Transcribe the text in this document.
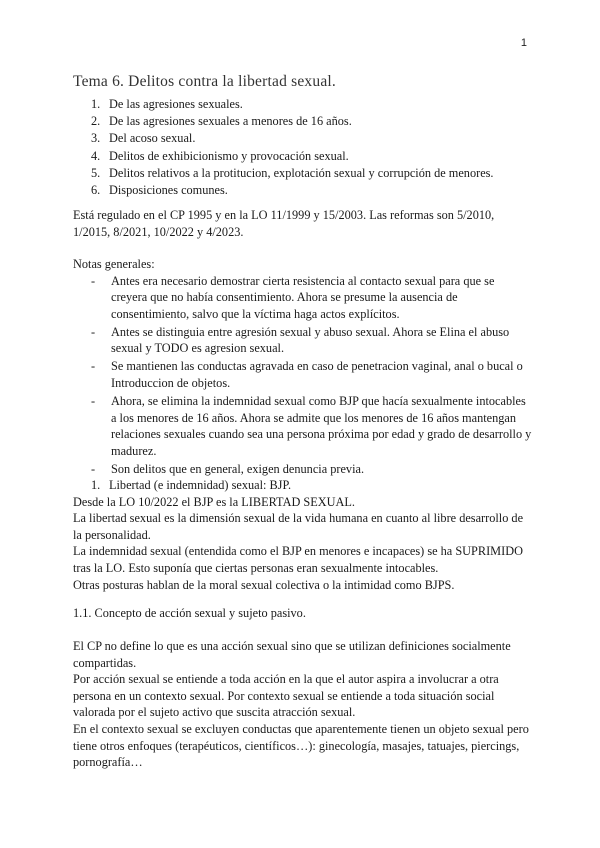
1
Tema 6. Delitos contra la libertad sexual.
1. De las agresiones sexuales.
2. De las agresiones sexuales a menores de 16 años.
3. Del acoso sexual.
4. Delitos de exhibicionismo y provocación sexual.
5. Delitos relativos a la protitucion, explotación sexual y corrupción de menores.
6. Disposiciones comunes.

Está regulado en el CP 1995 y en la LO 11/1999 y 15/2003. Las reformas son 5/2010, 1/2015, 8/2021, 10/2022 y 4/2023.

Notas generales:

-	Antes era necesario demostrar cierta resistencia al contacto sexual para que se creyera que no había consentimiento. Ahora se presume la ausencia de consentimiento, salvo que la víctima haga actos explícitos.
-	Antes se distinguia entre agresión sexual y abuso sexual. Ahora se Elina el abuso sexual y TODO es agresion sexual.
-	Se mantienen las conductas agravada en caso de penetracion vaginal, anal o bucal o Introduccion de objetos.
-	Ahora, se elimina la indemnidad sexual como BJP que hacía sexualmente intocables a los menores de 16 años. Ahora se admite que los menores de 16 años mantengan relaciones sexuales cuando sea una persona próxima por edad y grado de desarrollo y madurez.
-	Son delitos que en general, exigen denuncia previa.
1. Libertad (e indemnidad) sexual: BJP.

Desde la LO 10/2022 el BJP es la LIBERTAD SEXUAL.

La libertad sexual es la dimensión sexual de la vida humana en cuanto al libre desarrollo de la personalidad.

La indemnidad sexual (entendida como el BJP en menores e incapaces) se ha SUPRIMIDO tras la LO. Esto suponía que ciertas personas eran sexualmente intocables.

Otras posturas hablan de la moral sexual colectiva o la intimidad como BJPS.

1.1. Concepto de acción sexual y sujeto pasivo.

El CP no define lo que es una acción sexual sino que se utilizan definiciones socialmente compartidas.

Por acción sexual se entiende a toda acción en la que el autor aspira a involucrar a otra persona en un contexto sexual. Por contexto sexual se entiende a toda situación social valorada por el sujeto activo que suscita atracción sexual.

En el contexto sexual se excluyen conductas que aparentemente tienen un objeto sexual pero tiene otros enfoques (terapéuticos, científicos…): ginecología, masajes, tatuajes, piercings, pornografía…
